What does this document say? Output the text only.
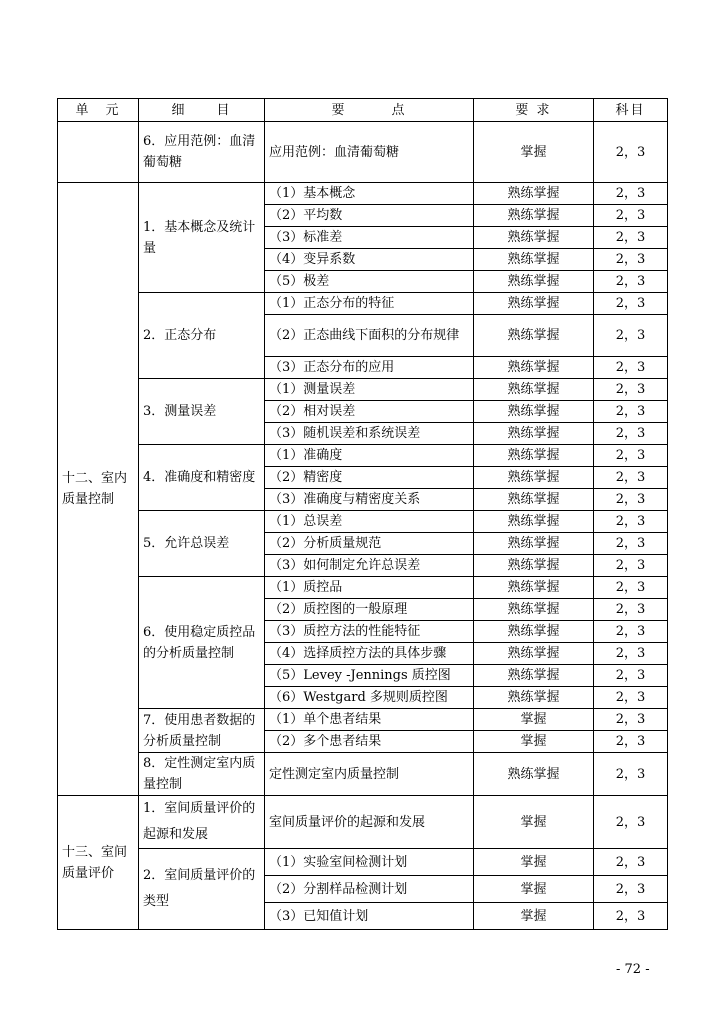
单　元	细　　目	要　　　点	要 求	科目
	6．应用范例：血清葡萄糖	应用范例：血清葡萄糖	掌握	2，3
十二、室内质量控制	1．基本概念及统计量	（1）基本概念	熟练掌握	2，3
		（2）平均数	熟练掌握	2，3
		（3）标准差	熟练掌握	2，3
		（4）变异系数	熟练掌握	2，3
		（5）极差	熟练掌握	2，3
	2．正态分布	（1）正态分布的特征	熟练掌握	2，3
		（2）正态曲线下面积的分布规律	熟练掌握	2，3
		（3）正态分布的应用	熟练掌握	2，3
	3．测量误差	（1）测量误差	熟练掌握	2，3
		（2）相对误差	熟练掌握	2，3
		（3）随机误差和系统误差	熟练掌握	2，3
	4．准确度和精密度	（1）准确度	熟练掌握	2，3
		（2）精密度	熟练掌握	2，3
		（3）准确度与精密度关系	熟练掌握	2，3
	5．允许总误差	（1）总误差	熟练掌握	2，3
		（2）分析质量规范	熟练掌握	2，3
		（3）如何制定允许总误差	熟练掌握	2，3
	6．使用稳定质控品的分析质量控制	（1）质控品	熟练掌握	2，3
		（2）质控图的一般原理	熟练掌握	2，3
		（3）质控方法的性能特征	熟练掌握	2，3
		（4）选择质控方法的具体步骤	熟练掌握	2，3
		（5）Levey -Jennings 质控图	熟练掌握	2，3
		（6）Westgard 多规则质控图	熟练掌握	2，3
	7．使用患者数据的分析质量控制	（1）单个患者结果	掌握	2，3
		（2）多个患者结果	掌握	2，3
	8．定性测定室内质量控制	定性测定室内质量控制	熟练掌握	2，3
十三、室间质量评价	1．室间质量评价的起源和发展	室间质量评价的起源和发展	掌握	2，3
	2．室间质量评价的类型	（1）实验室间检测计划	掌握	2，3
		（2）分割样品检测计划	掌握	2，3
		（3）已知值计划	掌握	2，3
- 72 -
